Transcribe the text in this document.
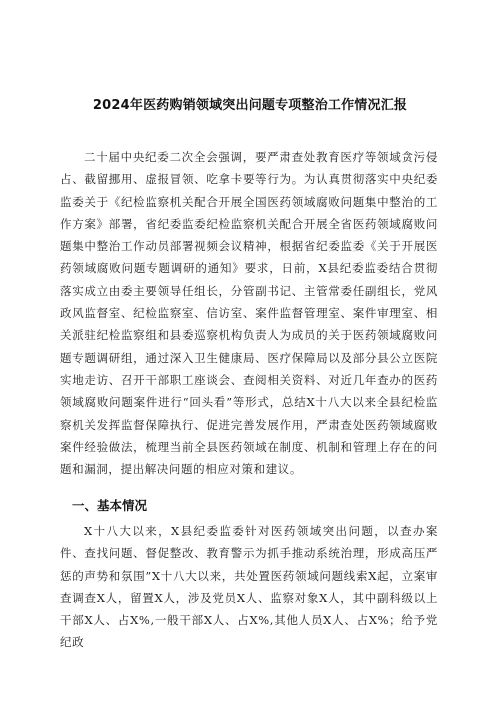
2024年医药购销领域突出问题专项整治工作情况汇报
二十届中央纪委二次全会强调，要严肃查处教育医疗等领域贪污侵占、截留挪用、虚报冒领、吃拿卡要等行为。为认真贯彻落实中央纪委监委关于《纪检监察机关配合开展全国医药领域腐败问题集中整治的工作方案》部署，省纪委监委纪检监察机关配合开展全省医药领域腐败问题集中整治工作动员部署视频会议精神，根据省纪委监委《关于开展医药领域腐败问题专题调研的通知》要求，日前，X县纪委监委结合贯彻落实成立由委主要领导任组长，分管副书记、主管常委任副组长，党风政风监督室、纪检监察室、信访室、案件监督管理室、案件审理室、相关派驻纪检监察组和县委巡察机构负责人为成员的关于医药领域腐败问题专题调研组，通过深入卫生健康局、医疗保障局以及部分县公立医院实地走访、召开干部职工座谈会、查阅相关资料、对近几年查办的医药领域腐败问题案件进行“回头看”等形式，总结X十八大以来全县纪检监察机关发挥监督保障执行、促进完善发展作用，严肃查处医药领域腐败案件经验做法，梳理当前全县医药领域在制度、机制和管理上存在的问题和漏洞，提出解决问题的相应对策和建议。
一、基本情况
X十八大以来，X县纪委监委针对医药领域突出问题，以查办案件、查找问题、督促整改、教育警示为抓手推动系统治理，形成高压严惩的声势和氛围”X十八大以来，共处置医药领域问题线索X起，立案审查调查X人，留置X人，涉及党员X人、监察对象X人，其中副科级以上干部X人、占X%,一般干部X人、占X%,其他人员X人、占X%；给予党纪政
